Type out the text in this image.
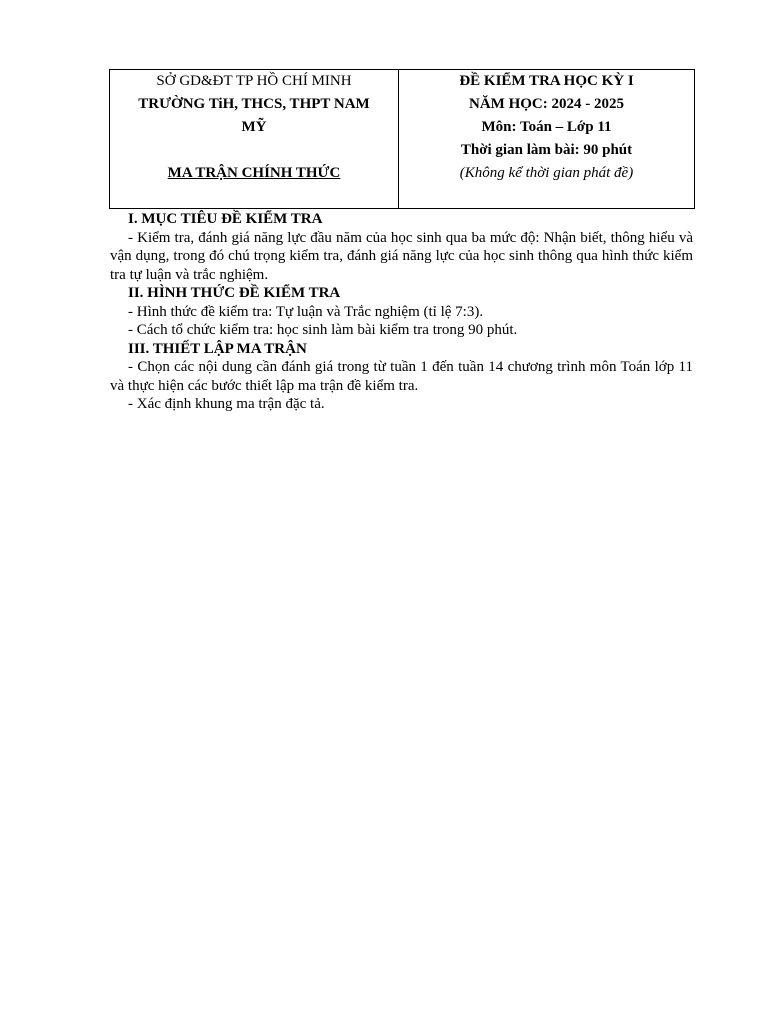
SỞ GD&ĐT TP HỒ CHÍ MINH
TRƯỜNG TiH, THCS, THPT NAM
MỸ
MA TRẬN CHÍNH THỨC
ĐỀ KIỂM TRA HỌC KỲ I
NĂM HỌC: 2024 - 2025
Môn: Toán – Lớp 11
Thời gian làm bài: 90 phút
(Không kể thời gian phát đề)

I. MỤC TIÊU ĐỀ KIỂM TRA

- Kiểm tra, đánh giá năng lực đầu năm của học sinh qua ba mức độ: Nhận biết, thông hiểu và vận dụng, trong đó chú trọng kiểm tra, đánh giá năng lực của học sinh thông qua hình thức kiểm tra tự luận và trắc nghiệm.

II. HÌNH THỨC ĐỀ KIỂM TRA

- Hình thức đề kiểm tra: Tự luận và Trắc nghiệm (tỉ lệ 7:3).

- Cách tổ chức kiểm tra: học sinh làm bài kiểm tra trong 90 phút.

III. THIẾT LẬP MA TRẬN

- Chọn các nội dung cần đánh giá trong từ tuần 1 đến tuần 14 chương trình môn Toán lớp 11 và thực hiện các bước thiết lập ma trận đề kiểm tra.

- Xác định khung ma trận đặc tả.
